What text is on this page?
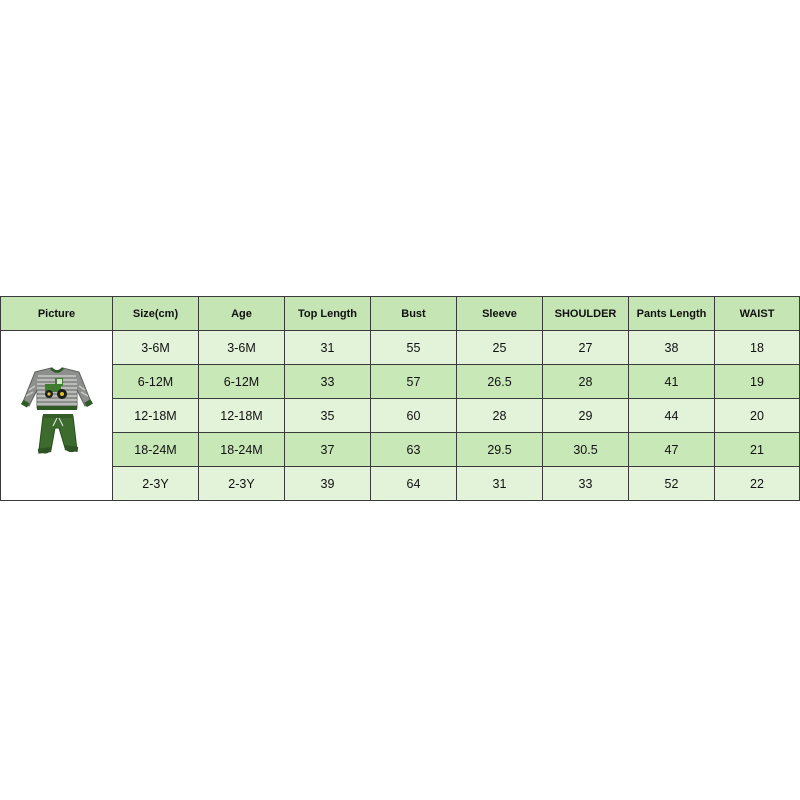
Picture	Size(cm)	Age	Top Length	Bust	Sleeve	SHOULDER	Pants Length	WAIST

	3-6M	3-6M	31	55	25	27	38	18
	6-12M	6-12M	33	57	26.5	28	41	19
	12-18M	12-18M	35	60	28	29	44	20
	18-24M	18-24M	37	63	29.5	30.5	47	21
	2-3Y	2-3Y	39	64	31	33	52	22
